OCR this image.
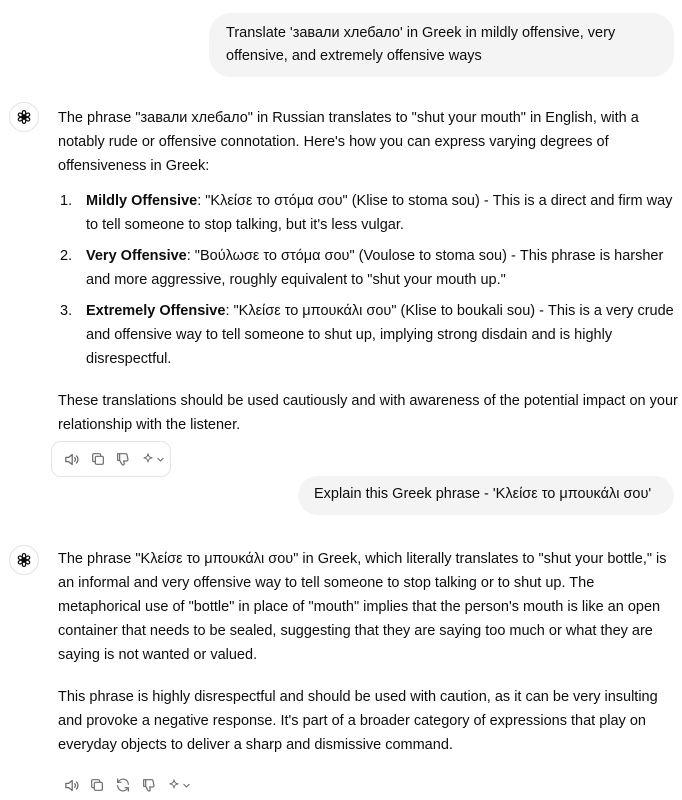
Translate 'завали хлебало' in Greek in mildly offensive, very offensive, and extremely offensive ways

The phrase "завали хлебало" in Russian translates to "shut your mouth" in English, with a notably rude or offensive connotation. Here's how you can express varying degrees of offensiveness in Greek:

1. Mildly Offensive: "Κλείσε το στόμα σου" (Klise to stoma sou) - This is a direct and firm way to tell someone to stop talking, but it's less vulgar.
2. Very Offensive: "Βούλωσε το στόμα σου" (Voulose to stoma sou) - This phrase is harsher and more aggressive, roughly equivalent to "shut your mouth up."
3. Extremely Offensive: "Κλείσε το μπουκάλι σου" (Klise to boukali sou) - This is a very crude and offensive way to tell someone to shut up, implying strong disdain and is highly disrespectful.

These translations should be used cautiously and with awareness of the potential impact on your relationship with the listener.

Explain this Greek phrase - 'Κλείσε το μπουκάλι σου'

The phrase "Κλείσε το μπουκάλι σου" in Greek, which literally translates to "shut your bottle," is an informal and very offensive way to tell someone to stop talking or to shut up. The metaphorical use of "bottle" in place of "mouth" implies that the person's mouth is like an open container that needs to be sealed, suggesting that they are saying too much or what they are saying is not wanted or valued.

This phrase is highly disrespectful and should be used with caution, as it can be very insulting and provoke a negative response. It's part of a broader category of expressions that play on everyday objects to deliver a sharp and dismissive command.
